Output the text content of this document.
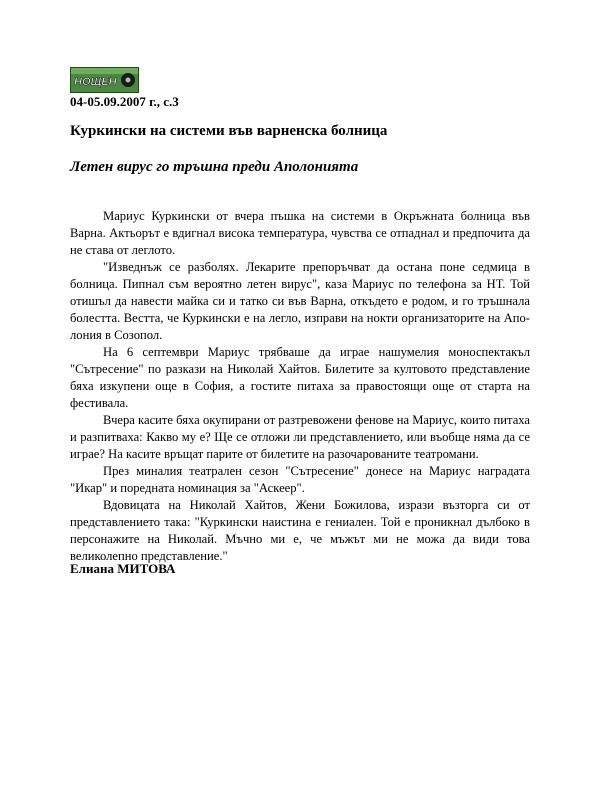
НОЩЕН
04-05.09.2007 г., с.3
Куркински на системи във варненска болница
Летен вирус го тръшна преди Аполонията

Мариус Куркински от вчера пъшка на системи в Окръжната болница във Варна. Актьорът е вдигнал висока температура, чувства се отпаднал и предпочита да не става от леглото.

"Изведнъж се разболях. Лекарите препоръчват да остана поне седмица в болница. Пипнал съм вероятно летен вирус", каза Мариус по телефона за НТ. Той отишъл да навести майка си и татко си във Варна, откъдето е родом, и го тръшнала болестта. Вестта, че Куркински е на легло, изправи на нокти организаторите на Апо-лония в Созопол.

На 6 септември Мариус трябваше да играе нашумелия моноспектакъл "Сътресение" по разкази на Николай Хайтов. Билетите за култовото представление бяха изкупени още в София, а гостите питаха за правостоящи още от старта на фестивала.

Вчера касите бяха окупирани от разтревожени фенове на Мариус, които питаха и разпитваха: Какво му е? Ще се отложи ли представлението, или въобще няма да се играе? На касите връщат парите от билетите на разочарованите театромани.

През миналия театрален сезон "Сътресение" донесе на Мариус наградата "Икар" и поредната номинация за "Аскеер".

Вдовицата на Николай Хайтов, Жени Божилова, изрази възторга си от представлението така: "Куркински наистина е гениален. Той е проникнал дълбоко в персонажите на Николай. Мъчно ми е, че мъжът ми не можа да види това великолепно представление."

Елиана МИТОВА
